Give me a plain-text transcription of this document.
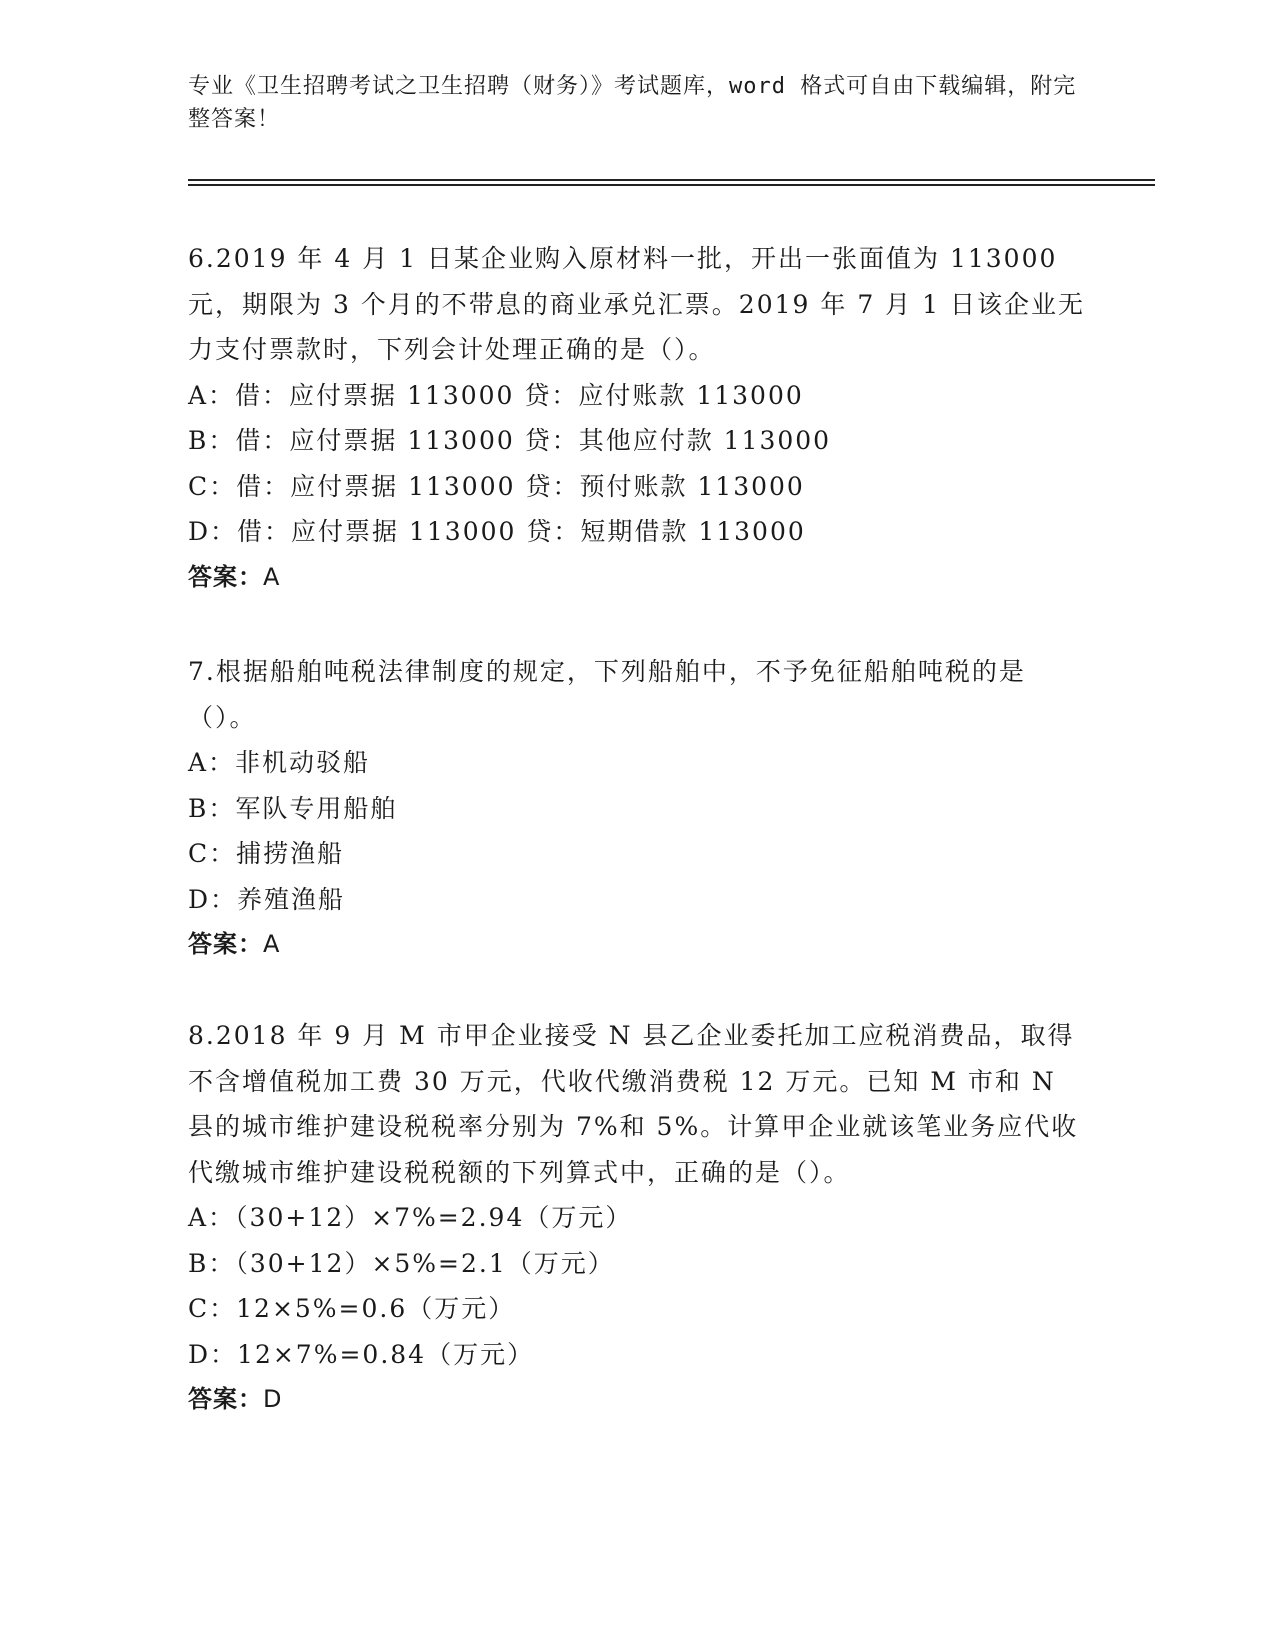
专业《卫生招聘考试之卫生招聘（财务）》考试题库，word 格式可自由下载编辑，附完整答案！
6.2019 年 4 月 1 日某企业购入原材料一批，开出一张面值为 113000 元，期限为 3 个月的不带息的商业承兑汇票。2019 年 7 月 1 日该企业无力支付票款时，下列会计处理正确的是（）。
A：借：应付票据 113000 贷：应付账款 113000
B：借：应付票据 113000 贷：其他应付款 113000
C：借：应付票据 113000 贷：预付账款 113000
D：借：应付票据 113000 贷：短期借款 113000
答案：A
7.根据船舶吨税法律制度的规定，下列船舶中，不予免征船舶吨税的是（）。
A：非机动驳船
B：军队专用船舶
C：捕捞渔船
D：养殖渔船
答案：A
8.2018 年 9 月 M 市甲企业接受 N 县乙企业委托加工应税消费品，取得不含增值税加工费 30 万元，代收代缴消费税 12 万元。已知 M 市和 N 县的城市维护建设税税率分别为 7%和 5%。计算甲企业就该笔业务应代收代缴城市维护建设税税额的下列算式中，正确的是（）。
A：（30+12）×7%=2.94（万元）
B：（30+12）×5%=2.1（万元）
C：12×5%=0.6（万元）
D：12×7%=0.84（万元）
答案：D
